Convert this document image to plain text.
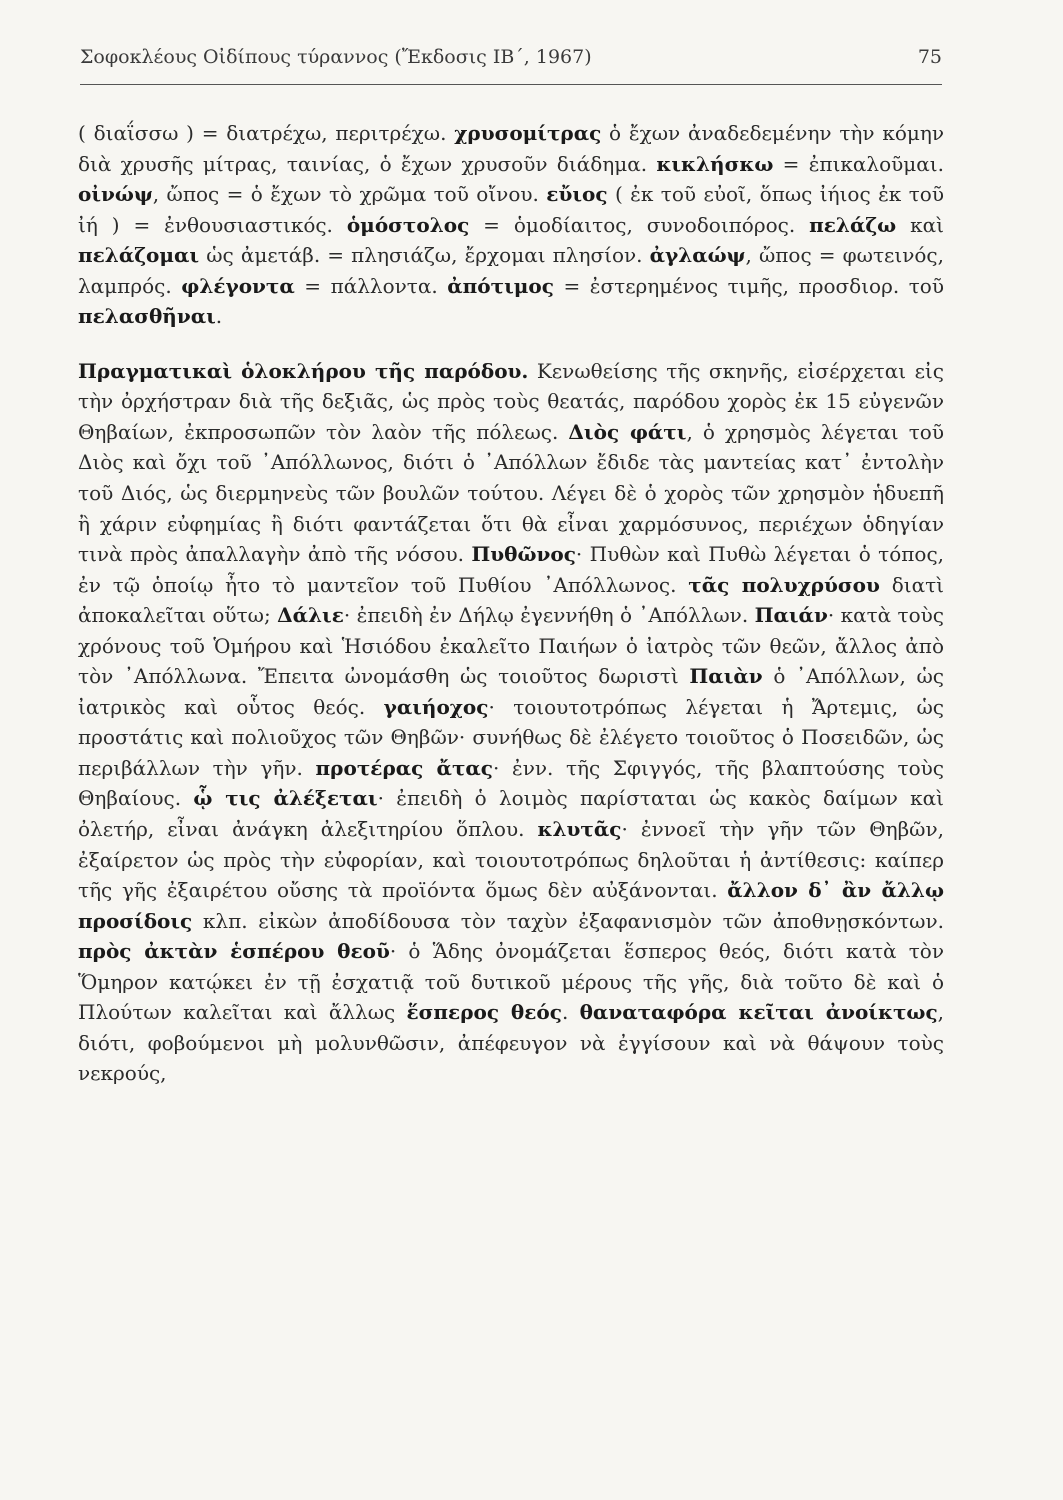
Σοφοκλέους Οἰδίπους τύραννος (Ἔκδοσις ΙΒ΄, 1967)	75

( διαΐσσω ) = διατρέχω, περιτρέχω. χρυσομίτρας ὁ ἔχων ἀναδεδεμένην τὴν κόμην διὰ χρυσῆς μίτρας, ταινίας, ὁ ἔχων χρυσοῦν διάδημα. κικλήσκω = ἐπικαλοῦμαι. οἰνώψ, ὤπος = ὁ ἔχων τὸ χρῶμα τοῦ οἴνου. εὔιος ( ἐκ τοῦ εὐοῖ, ὅπως ἰήιος ἐκ τοῦ ἰή ) = ἐνθουσιαστικός. ὁμόστολος = ὁμοδίαιτος, συνοδοιπόρος. πελάζω καὶ πελάζομαι ὡς ἀμετάβ. = πλησιάζω, ἔρχομαι πλησίον. ἀγλαώψ, ὤπος = φωτεινός, λαμπρός. φλέγοντα = πάλλοντα. ἀπότιμος = ἐστερημένος τιμῆς, προσδιορ. τοῦ πελασθῆναι.

Πραγματικαὶ ὁλοκλήρου τῆς παρόδου. Κενωθείσης τῆς σκηνῆς, εἰσέρχεται εἰς τὴν ὀρχήστραν διὰ τῆς δεξιᾶς, ὡς πρὸς τοὺς θεατάς, παρόδου χορὸς ἐκ 15 εὐγενῶν Θηβαίων, ἐκπροσωπῶν τὸν λαὸν τῆς πόλεως. Διὸς φάτι, ὁ χρησμὸς λέγεται τοῦ Διὸς καὶ ὄχι τοῦ ᾿Απόλλωνος, διότι ὁ ᾿Απόλλων ἔδιδε τὰς μαντείας κατ᾿ ἐντολὴν τοῦ Διός, ὡς διερμηνεὺς τῶν βουλῶν τούτου. Λέγει δὲ ὁ χορὸς τῶν χρησμὸν ἡδυεπῆ ἢ χάριν εὐφημίας ἢ διότι φαντάζεται ὅτι θὰ εἶναι χαρμόσυνος, περιέχων ὁδηγίαν τινὰ πρὸς ἀπαλλαγὴν ἀπὸ τῆς νόσου. Πυθῶνος· Πυθὼν καὶ Πυθὼ λέγεται ὁ τόπος, ἐν τῷ ὁποίῳ ἦτο τὸ μαντεῖον τοῦ Πυθίου ᾿Απόλλωνος. τᾶς πολυχρύσου διατὶ ἀποκαλεῖται οὕτω; Δάλιε· ἐπειδὴ ἐν Δήλῳ ἐγεννήθη ὁ ᾿Απόλλων. Παιάν· κατὰ τοὺς χρόνους τοῦ Ὁμήρου καὶ Ἡσιόδου ἐκαλεῖτο Παιήων ὁ ἰατρὸς τῶν θεῶν, ἄλλος ἀπὸ τὸν ᾿Απόλλωνα. Ἔπειτα ὠνομάσθη ὡς τοιοῦτος δωριστὶ Παιὰν ὁ ᾿Απόλλων, ὡς ἰατρικὸς καὶ οὗτος θεός. γαιήοχος· τοιουτοτρόπως λέγεται ἡ Ἄρτεμις, ὡς προστάτις καὶ πολιοῦχος τῶν Θηβῶν· συνήθως δὲ ἐλέγετο τοιοῦτος ὁ Ποσειδῶν, ὡς περιβάλλων τὴν γῆν. προτέρας ἄτας· ἐνν. τῆς Σφιγγός, τῆς βλαπτούσης τοὺς Θηβαίους. ᾧ τις ἀλέξεται· ἐπειδὴ ὁ λοιμὸς παρίσταται ὡς κακὸς δαίμων καὶ ὀλετήρ, εἶναι ἀνάγκη ἀλεξιτηρίου ὅπλου. κλυτᾶς· ἐννοεῖ τὴν γῆν τῶν Θηβῶν, ἐξαίρετον ὡς πρὸς τὴν εὐφορίαν, καὶ τοιουτοτρόπως δηλοῦται ἡ ἀντίθεσις: καίπερ τῆς γῆς ἐξαιρέτου οὔσης τὰ προϊόντα ὅμως δὲν αὐξάνονται. ἄλλον δ᾿ ἂν ἄλλῳ προσίδοις κλπ. εἰκὼν ἀποδίδουσα τὸν ταχὺν ἐξαφανισμὸν τῶν ἀποθνῃσκόντων. πρὸς ἀκτὰν ἑσπέρου θεοῦ· ὁ Ἅδης ὀνομάζεται ἕσπερος θεός, διότι κατὰ τὸν Ὅμηρον κατῴκει ἐν τῇ ἐσχατιᾷ τοῦ δυτικοῦ μέρους τῆς γῆς, διὰ τοῦτο δὲ καὶ ὁ Πλούτων καλεῖται καὶ ἄλλως ἕσπερος θεός. θαναταφόρα κεῖται ἀνοίκτως, διότι, φοβούμενοι μὴ μολυνθῶσιν, ἀπέφευγον νὰ ἐγγίσουν καὶ νὰ θάψουν τοὺς νεκρούς,
